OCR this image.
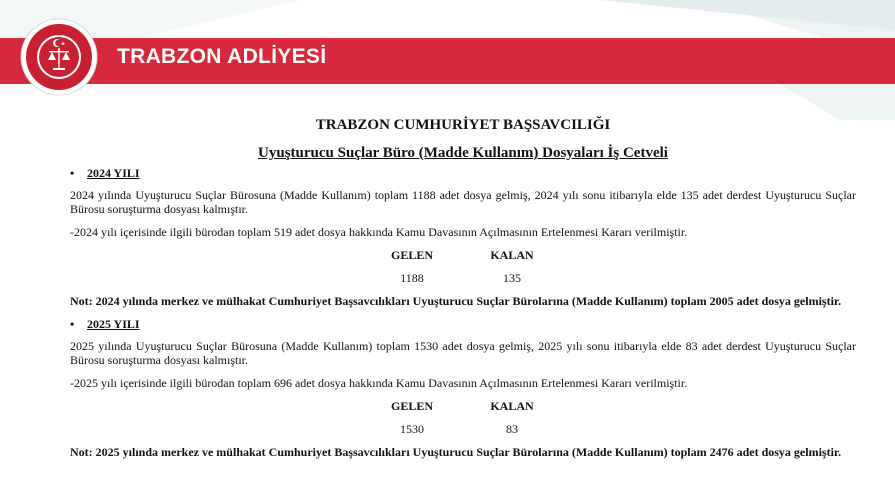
TRABZON ADLİYESİ
TRABZON CUMHURİYET BAŞSAVCILIĞI
Uyuşturucu Suçlar Büro (Madde Kullanım) Dosyaları İş Cetveli
• 2024 YILI
2024 yılında Uyuşturucu Suçlar Bürosuna (Madde Kullanım) toplam 1188 adet dosya gelmiş, 2024 yılı sonu itibarıyla elde 135 adet derdest Uyuşturucu Suçlar Bürosu soruşturma dosyası kalmıştır.
-2024 yılı içerisinde ilgili bürodan toplam 519 adet dosya hakkında Kamu Davasının Açılmasının Ertelenmesi Kararı verilmiştir.
GELEN	KALAN
1188	135
Not: 2024 yılında merkez ve mülhakat Cumhuriyet Başsavcılıkları Uyuşturucu Suçlar Bürolarına (Madde Kullanım) toplam 2005 adet dosya gelmiştir.
• 2025 YILI
2025 yılında Uyuşturucu Suçlar Bürosuna (Madde Kullanım) toplam 1530 adet dosya gelmiş, 2025 yılı sonu itibarıyla elde 83 adet derdest Uyuşturucu Suçlar Bürosu soruşturma dosyası kalmıştır.
-2025 yılı içerisinde ilgili bürodan toplam 696 adet dosya hakkında Kamu Davasının Açılmasının Ertelenmesi Kararı verilmiştir.
GELEN	KALAN
1530	83
Not: 2025 yılında merkez ve mülhakat Cumhuriyet Başsavcılıkları Uyuşturucu Suçlar Bürolarına (Madde Kullanım) toplam 2476 adet dosya gelmiştir.
